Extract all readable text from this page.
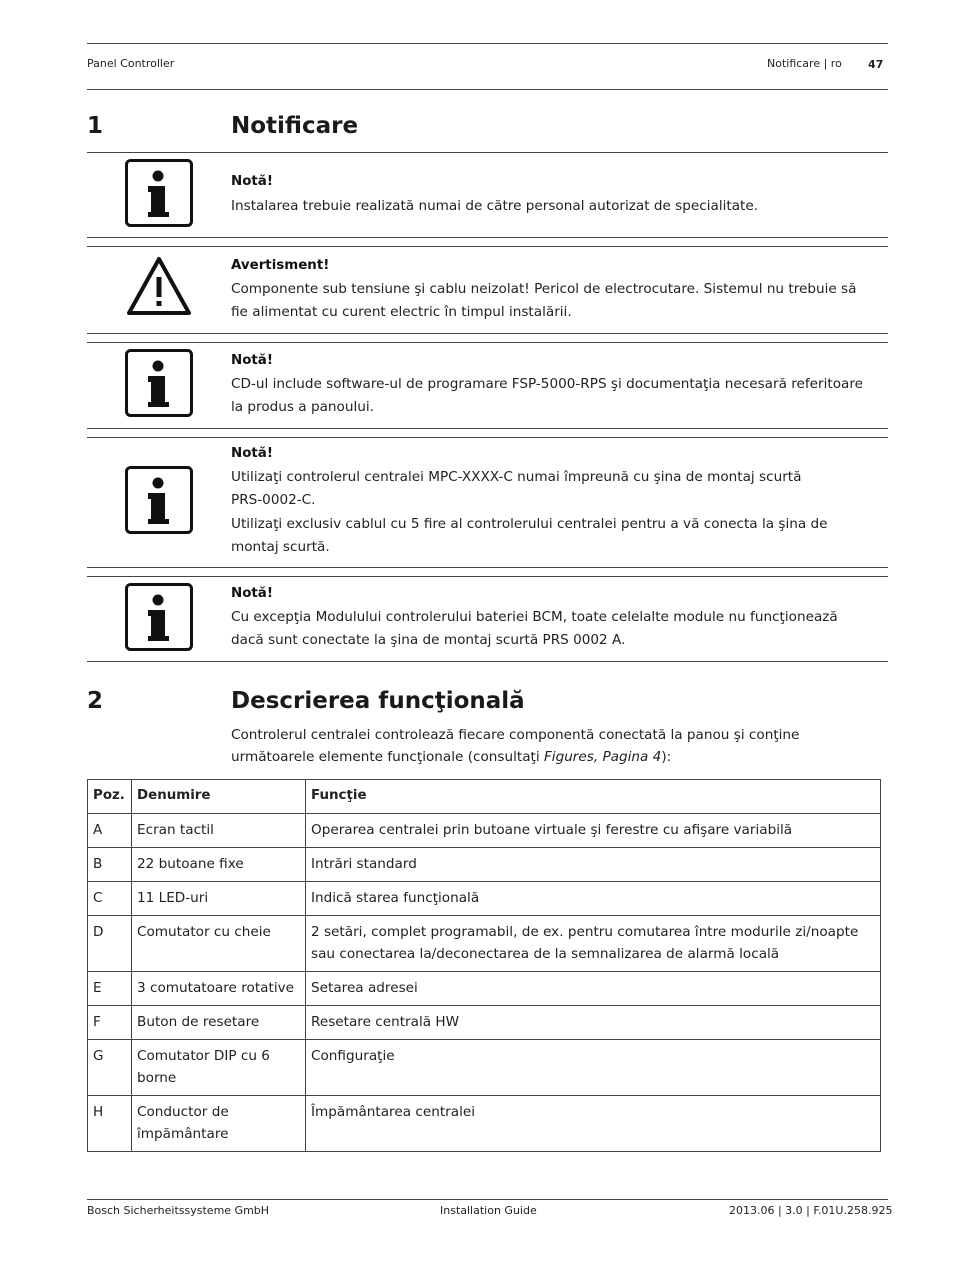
Panel Controller	Notificare | ro 47
1	Notificare
Notă!
Instalarea trebuie realizată numai de către personal autorizat de specialitate.
Avertisment!
Componente sub tensiune şi cablu neizolat! Pericol de electrocutare. Sistemul nu trebuie să
fie alimentat cu curent electric în timpul instalării.
Notă!
CD-ul include software-ul de programare FSP-5000-RPS şi documentaţia necesară referitoare
la produs a panoului.
Notă!
Utilizaţi controlerul centralei MPC-XXXX-C numai împreună cu şina de montaj scurtă
PRS-0002-C.
Utilizaţi exclusiv cablul cu 5 fire al controlerului centralei pentru a vă conecta la şina de
montaj scurtă.
Notă!
Cu excepţia Modulului controlerului bateriei BCM, toate celelalte module nu funcţionează
dacă sunt conectate la şina de montaj scurtă PRS 0002 A.
2	Descrierea funcţională
Controlerul centralei controlează fiecare componentă conectată la panou şi conţine
următoarele elemente funcţionale (consultaţi Figures, Pagina 4):
Poz.	Denumire	Funcţie
A	Ecran tactil	Operarea centralei prin butoane virtuale şi ferestre cu afişare variabilă
B	22 butoane fixe	Intrări standard
C	11 LED-uri	Indică starea funcţională
D	Comutator cu cheie	2 setări, complet programabil, de ex. pentru comutarea între modurile zi/noapte sau conectarea la/deconectarea de la semnalizarea de alarmă locală
E	3 comutatoare rotative	Setarea adresei
F	Buton de resetare	Resetare centrală HW
G	Comutator DIP cu 6 borne	Configuraţie
H	Conductor de împământare	Împământarea centralei
Bosch Sicherheitssysteme GmbH	Installation Guide	2013.06 | 3.0 | F.01U.258.925
